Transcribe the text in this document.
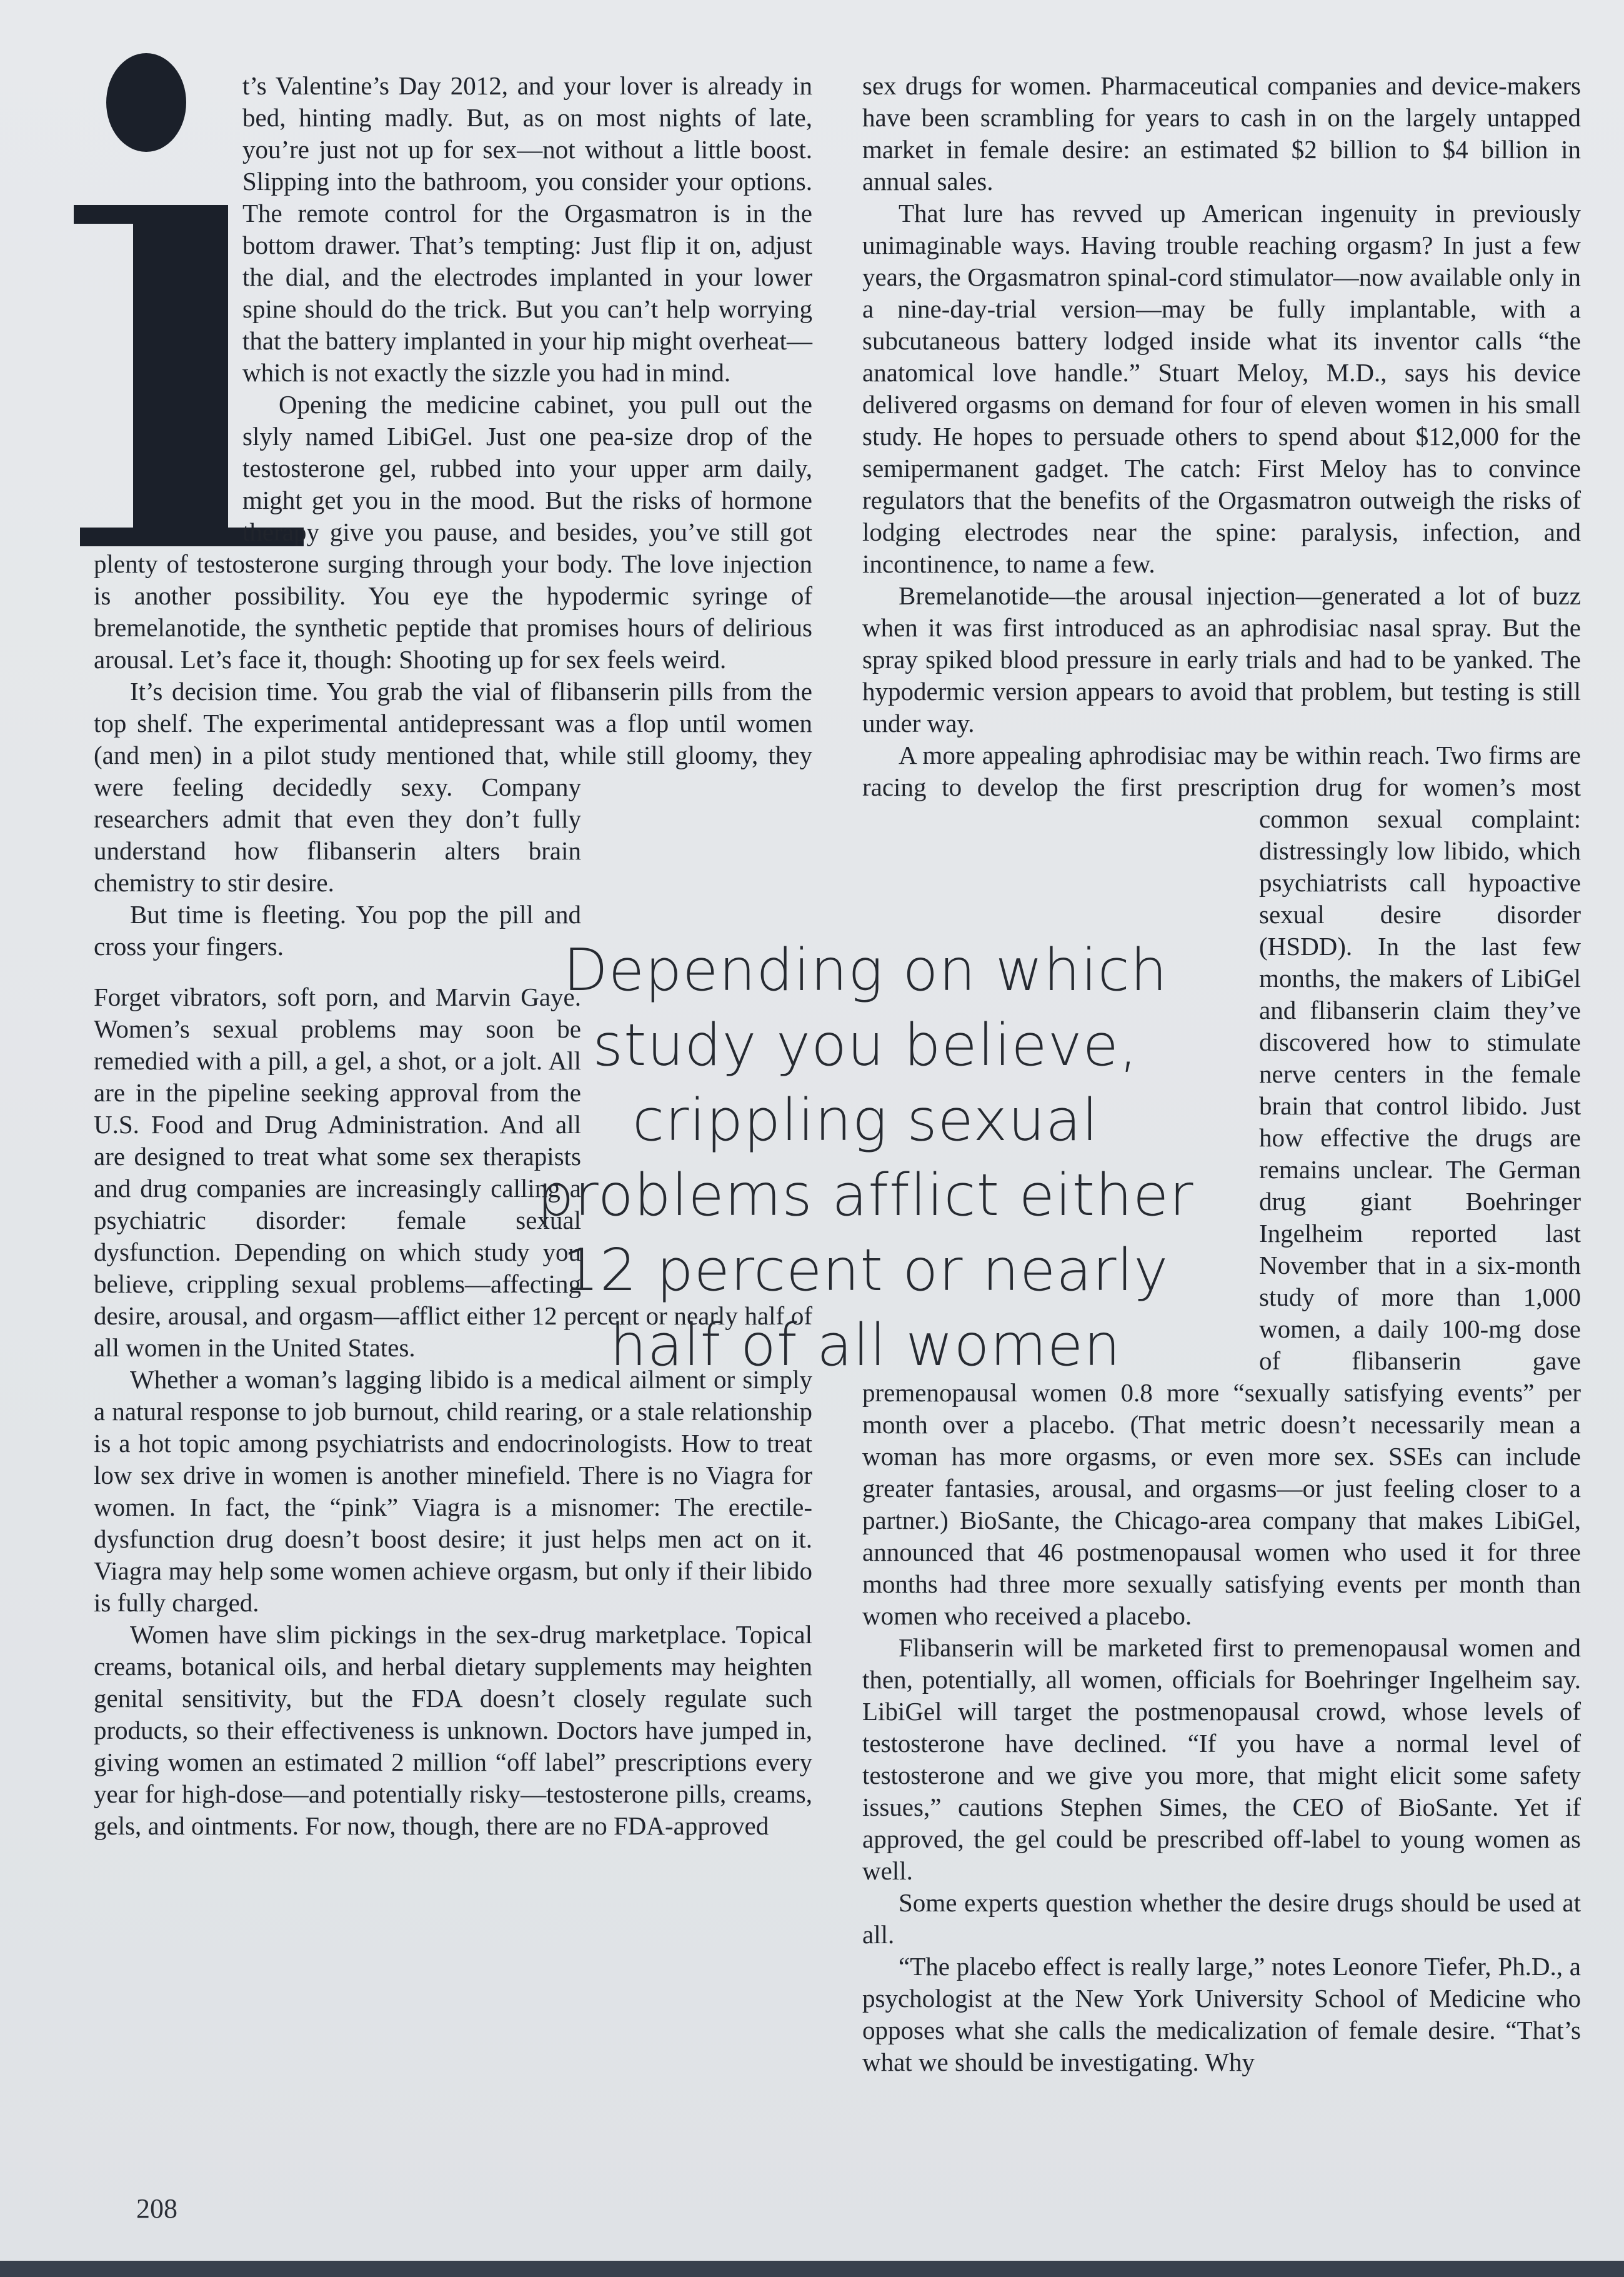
t’s Valentine’s Day 2012, and your lover is already in bed, hinting madly. But, as on most nights of late, you’re just not up for sex—not without a little boost. Slipping into the bathroom, you consider your options. The remote control for the Orgasmatron is in the bottom drawer. That’s tempting: Just flip it on, adjust the dial, and the electrodes implanted in your lower spine should do the trick. But you can’t help worrying that the battery implanted in your hip might overheat—which is not exactly the sizzle you had in mind.

Opening the medicine cabinet, you pull out the slyly named LibiGel. Just one pea-size drop of the testosterone gel, rubbed into your upper arm daily, might get you in the mood. But the risks of hormone therapy give you pause, and besides, you’ve still got plenty of testosterone surging through your body. The love injection is another possibility. You eye the hypodermic syringe of bremelanotide, the synthetic peptide that promises hours of delirious arousal. Let’s face it, though: Shooting up for sex feels weird.

It’s decision time. You grab the vial of flibanserin pills from the top shelf. The experimental antidepressant was a flop until women (and men) in a pilot study mentioned that, while still
gloomy, they were feeling decidedly sexy. Company researchers admit that even they don’t fully understand how flibanserin alters brain chemistry to stir desire.

But time is fleeting. You pop the pill and cross your fingers.

Forget vibrators, soft porn, and Marvin Gaye. Women’s sexual problems may soon be remedied with a pill, a gel, a shot, or a jolt. All are in the pipeline seeking approval from the U.S. Food and Drug Administration. And all are designed to treat what some sex therapists and drug companies are increasingly calling a psychiatric disorder: female sexual dysfunction. Depending on which study you believe, crippling sexual problems—affecting desire, arousal, and orgasm—afflict either 12 percent or nearly half of all women in the United States.

Whether a woman’s lagging libido is a medical ailment or simply a natural response to job burnout, child rearing, or a stale relationship is a hot topic among psychiatrists and endocrinologists. How to treat low sex drive in women is another minefield. There is no Viagra for women. In fact, the “pink” Viagra is a misnomer: The erectile-dysfunction drug doesn’t boost desire; it just helps men act on it. Viagra may help some women achieve orgasm, but only if their libido is fully charged.

Women have slim pickings in the sex-drug marketplace. Topical creams, botanical oils, and herbal dietary supplements may heighten genital sensitivity, but the FDA doesn’t closely regulate such products, so their effectiveness is unknown. Doctors have jumped in, giving women an estimated 2 million “off label” prescriptions every year for high-dose—and potentially risky—testosterone pills, creams, gels, and ointments. For now, though, there are no FDA-approved

sex drugs for women. Pharmaceutical companies and device-makers have been scrambling for years to cash in on the largely untapped market in female desire: an estimated $2 billion to $4 billion in annual sales.

That lure has revved up American ingenuity in previously unimaginable ways. Having trouble reaching orgasm? In just a few years, the Orgasmatron spinal-cord stimulator—now available only in a nine-day-trial version—may be fully implantable, with a subcutaneous battery lodged inside what its inventor calls “the anatomical love handle.” Stuart Meloy, M.D., says his device delivered orgasms on demand for four of eleven women in his small study. He hopes to persuade others to spend about $12,000 for the semipermanent gadget. The catch: First Meloy has to convince regulators that the benefits of the Orgasmatron outweigh the risks of lodging electrodes near the spine: paralysis, infection, and incontinence, to name a few.

Bremelanotide—the arousal injection—generated a lot of buzz when it was first introduced as an aphrodisiac nasal spray. But the spray spiked blood pressure in early trials and had to be yanked. The hypodermic version appears to avoid that problem, but testing is still under way.

A more appealing aphrodisiac may be within reach. Two firms are racing to develop the first prescription drug for
women’s most common sexual complaint: distressingly low libido, which psychiatrists call hypoactive sexual desire disorder (HSDD). In the last few months, the makers of LibiGel and flibanserin claim they’ve discovered how to stimulate nerve centers in the female brain that control libido. Just how effective the drugs are remains unclear. The German drug giant Boehringer Ingelheim reported last November that in a six-month study of more than 1,000 women, a daily 100-mg dose of flibanserin gave premenopausal women 0.8 more “sexually satisfying events” per month over a placebo. (That metric doesn’t necessarily mean a woman has more orgasms, or even more sex. SSEs can include greater fantasies, arousal, and orgasms—or just feeling closer to a partner.) BioSante, the Chicago-area company that makes LibiGel, announced that 46 postmenopausal women who used it for three months had three more sexually satisfying events per month than women who received a placebo.

Flibanserin will be marketed first to premenopausal women and then, potentially, all women, officials for Boehringer Ingelheim say. LibiGel will target the postmenopausal crowd, whose levels of testosterone have declined. “If you have a normal level of testosterone and we give you more, that might elicit some safety issues,” cautions Stephen Simes, the CEO of BioSante. Yet if approved, the gel could be prescribed off-label to young women as well.

Some experts question whether the desire drugs should be used at all.

“The placebo effect is really large,” notes Leonore Tiefer, Ph.D., a psychologist at the New York University School of Medicine who opposes what she calls the medicalization of female desire. “That’s what we should be investigating. Why

Depending on which
study you believe,
crippling sexual
problems afflict either
12 percent or nearly
half of all women
208
